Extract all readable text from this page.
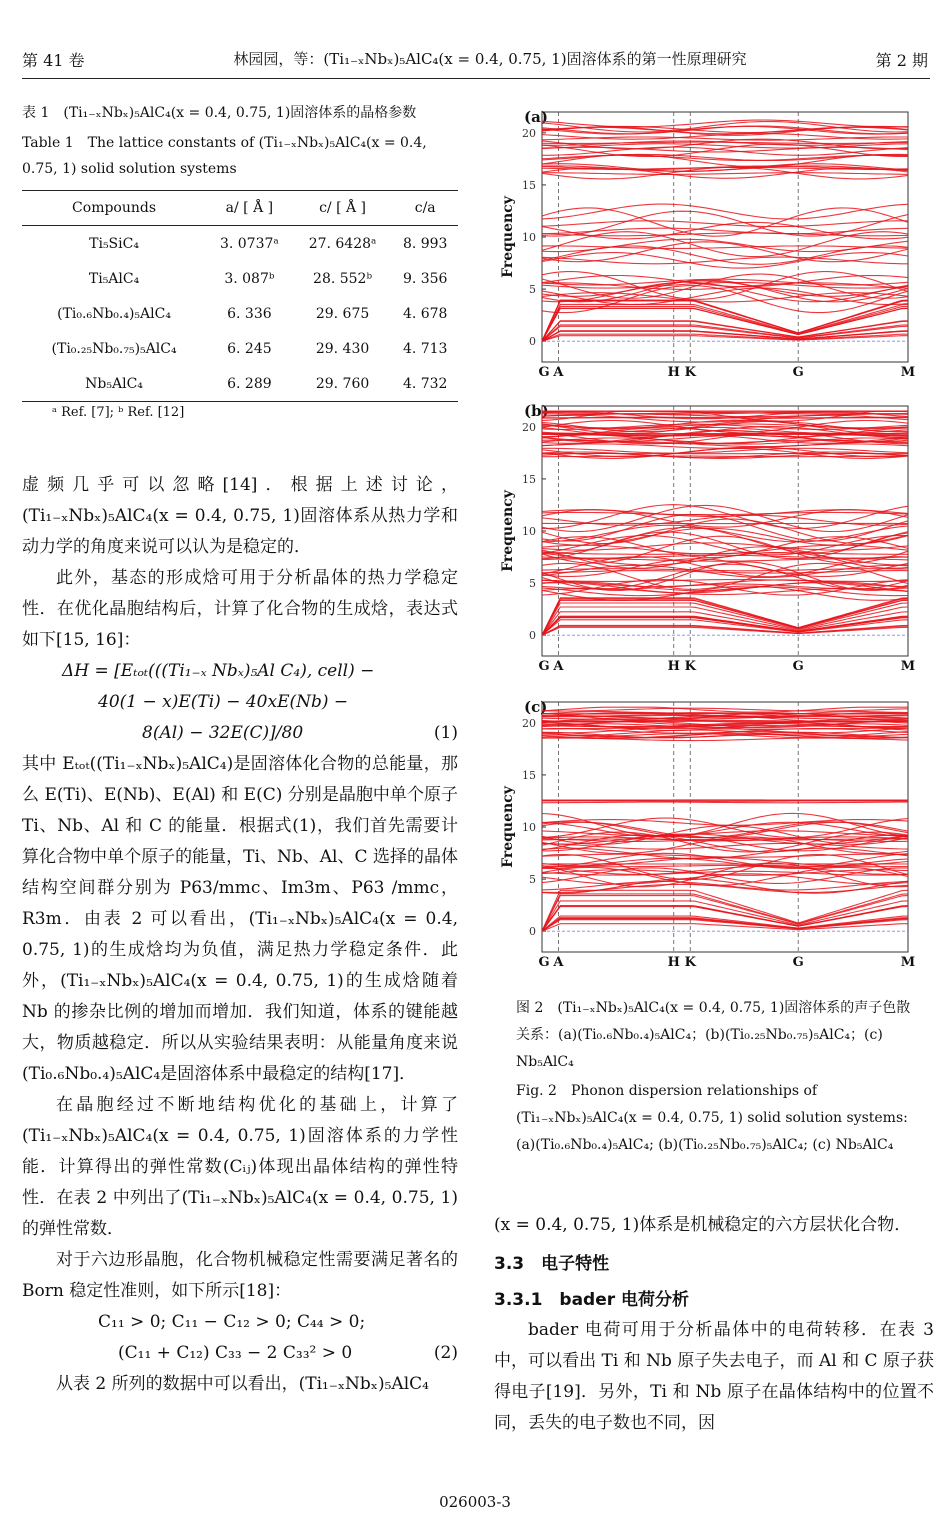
第 41 卷	林园园，等：(Ti₁₋ₓNbₓ)₅AlC₄(x = 0.4, 0.75, 1)固溶体系的第一性原理研究	第 2 期
表 1　(Ti₁₋ₓNbₓ)₅AlC₄(x = 0.4, 0.75, 1)固溶体系的晶格参数
Table 1　The lattice constants of (Ti₁₋ₓNbₓ)₅AlC₄(x = 0.4, 0.75, 1) solid solution systems
Compounds	a/ [ Å ]	c/ [ Å ]	c/a
Ti₅SiC₄	3. 0737ᵃ	27. 6428ᵃ	8. 993
Ti₅AlC₄	3. 087ᵇ	28. 552ᵇ	9. 356
(Ti₀.₆Nb₀.₄)₅AlC₄	6. 336	29. 675	4. 678
(Ti₀.₂₅Nb₀.₇₅)₅AlC₄	6. 245	29. 430	4. 713
Nb₅AlC₄	6. 289	29. 760	4. 732
ᵃ Ref. [7]; ᵇ Ref. [12]

虚频几乎可以忽略[14]．根据上述讨论，(Ti₁₋ₓNbₓ)₅AlC₄(x = 0.4, 0.75, 1)固溶体系从热力学和动力学的角度来说可以认为是稳定的．

此外，基态的形成焓可用于分析晶体的热力学稳定性．在优化晶胞结构后，计算了化合物的生成焓，表达式如下[15, 16]：

ΔH = [Eₜₒₜ(((Ti₁₋ₓ Nbₓ)₅Al C₄), cell) −
40(1 − x)E(Ti) − 40xE(Nb) −
8(Al) − 32E(C)]/80	(1)

其中 Eₜₒₜ((Ti₁₋ₓNbₓ)₅AlC₄)是固溶体化合物的总能量，那么 E(Ti)、E(Nb)、E(Al) 和 E(C) 分别是晶胞中单个原子 Ti、Nb、Al 和 C 的能量．根据式(1)，我们首先需要计算化合物中单个原子的能量，Ti、Nb、Al、C 选择的晶体结构空间群分别为 P63/mmc、Im3m、P63 /mmc，R3m．由表 2 可以看出，(Ti₁₋ₓNbₓ)₅AlC₄(x = 0.4, 0.75, 1)的生成焓均为负值，满足热力学稳定条件．此外，(Ti₁₋ₓNbₓ)₅AlC₄(x = 0.4, 0.75, 1)的生成焓随着 Nb 的掺杂比例的增加而增加．我们知道，体系的键能越大，物质越稳定．所以从实验结果表明：从能量角度来说(Ti₀.₆Nb₀.₄)₅AlC₄是固溶体系中最稳定的结构[17]．

在晶胞经过不断地结构优化的基础上，计算了(Ti₁₋ₓNbₓ)₅AlC₄(x = 0.4, 0.75, 1)固溶体系的力学性能．计算得出的弹性常数(Cᵢⱼ)体现出晶体结构的弹性特性．在表 2 中列出了(Ti₁₋ₓNbₓ)₅AlC₄(x = 0.4, 0.75, 1) 的弹性常数．

对于六边形晶胞，化合物机械稳定性需要满足著名的 Born 稳定性准则，如下所示[18]：

C₁₁ > 0; C₁₁ − C₁₂ > 0; C₄₄ > 0;
(C₁₁ + C₁₂) C₃₃ − 2 C₃₃² > 0	(2)

从表 2 所列的数据中可以看出，(Ti₁₋ₓNbₓ)₅AlC₄

0
5
10
15
20
G A	H K	G	M
Frequency
(a)
0
5
10
15
20
G A	H K	G	M
Frequency
(b)
0
5
10
15
20
G A	H K	G	M
Frequency
(c)
图 2　(Ti₁₋ₓNbₓ)₅AlC₄(x = 0.4, 0.75, 1)固溶体系的声子色散关系：(a)(Ti₀.₆Nb₀.₄)₅AlC₄；(b)(Ti₀.₂₅Nb₀.₇₅)₅AlC₄；(c) Nb₅AlC₄
Fig. 2　Phonon dispersion relationships of (Ti₁₋ₓNbₓ)₅AlC₄(x = 0.4, 0.75, 1) solid solution systems: (a)(Ti₀.₆Nb₀.₄)₅AlC₄; (b)(Ti₀.₂₅Nb₀.₇₅)₅AlC₄; (c) Nb₅AlC₄

(x = 0.4, 0.75, 1)体系是机械稳定的六方层状化合物．

3.3　电子特性
3.3.1　bader 电荷分析

bader 电荷可用于分析晶体中的电荷转移．在表 3 中，可以看出 Ti 和 Nb 原子失去电子，而 Al 和 C 原子获得电子[19]．另外，Ti 和 Nb 原子在晶体结构中的位置不同，丢失的电子数也不同，因

026003-3
